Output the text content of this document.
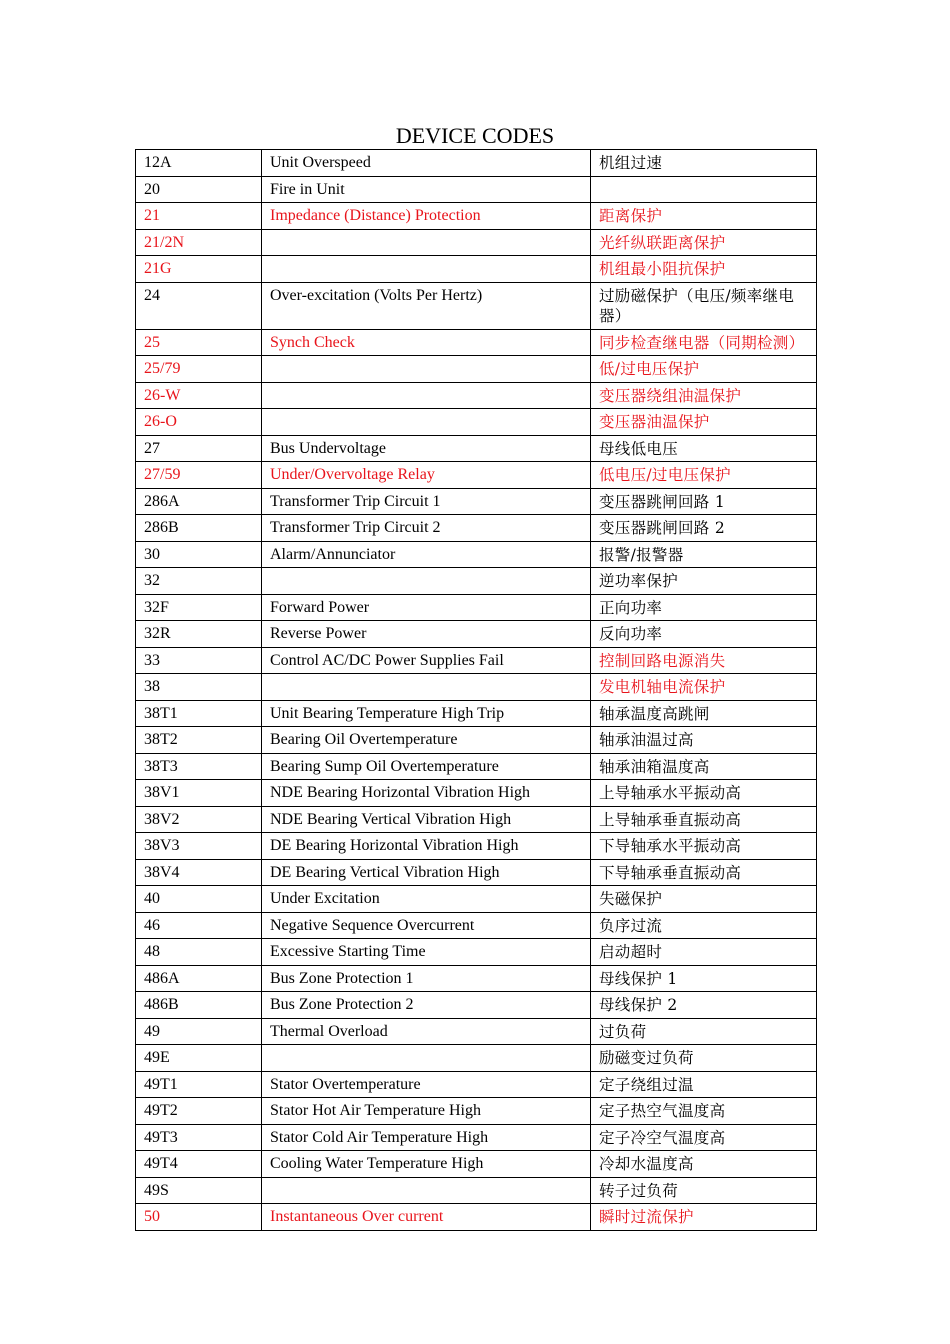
DEVICE CODES
12A	Unit Overspeed	机组过速
20	Fire in Unit	
21	Impedance (Distance) Protection	距离保护
21/2N		光纤纵联距离保护
21G		机组最小阻抗保护
24	Over-excitation (Volts Per Hertz)	过励磁保护（电压/频率继电器）
25	Synch Check	同步检查继电器（同期检测）
25/79		低/过电压保护
26-W		变压器绕组油温保护
26-O		变压器油温保护
27	Bus Undervoltage	母线低电压
27/59	Under/Overvoltage Relay	低电压/过电压保护
286A	Transformer Trip Circuit 1	变压器跳闸回路 1
286B	Transformer Trip Circuit 2	变压器跳闸回路 2
30	Alarm/Annunciator	报警/报警器
32		逆功率保护
32F	Forward Power	正向功率
32R	Reverse Power	反向功率
33	Control AC/DC Power Supplies Fail	控制回路电源消失
38		发电机轴电流保护
38T1	Unit Bearing Temperature High Trip	轴承温度高跳闸
38T2	Bearing Oil Overtemperature	轴承油温过高
38T3	Bearing Sump Oil Overtemperature	轴承油箱温度高
38V1	NDE Bearing Horizontal Vibration High	上导轴承水平振动高
38V2	NDE Bearing Vertical Vibration High	上导轴承垂直振动高
38V3	DE Bearing Horizontal Vibration High	下导轴承水平振动高
38V4	DE Bearing Vertical Vibration High	下导轴承垂直振动高
40	Under Excitation	失磁保护
46	Negative Sequence Overcurrent	负序过流
48	Excessive Starting Time	启动超时
486A	Bus Zone Protection 1	母线保护 1
486B	Bus Zone Protection 2	母线保护 2
49	Thermal Overload	过负荷
49E		励磁变过负荷
49T1	Stator Overtemperature	定子绕组过温
49T2	Stator Hot Air Temperature High	定子热空气温度高
49T3	Stator Cold Air Temperature High	定子冷空气温度高
49T4	Cooling Water Temperature High	冷却水温度高
49S		转子过负荷
50	Instantaneous Over current	瞬时过流保护
